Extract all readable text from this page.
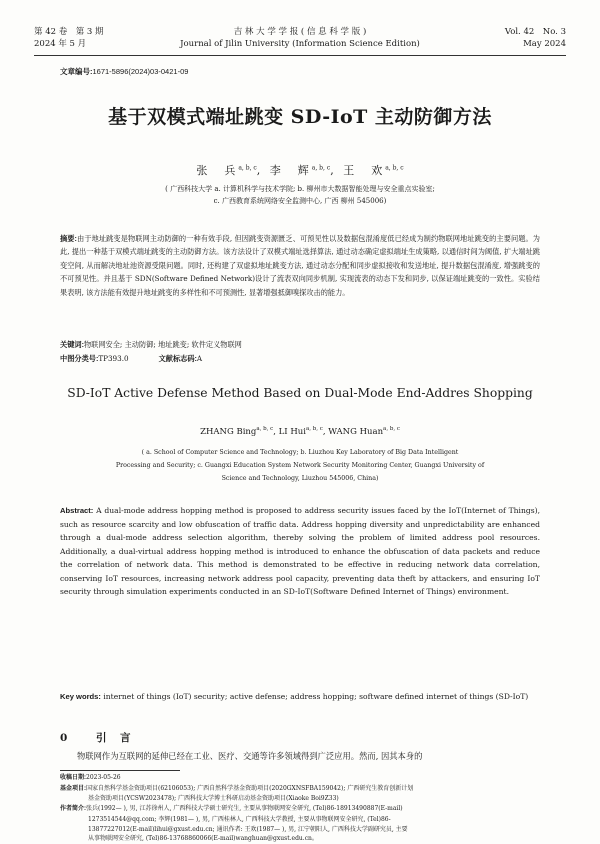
第 42 卷　第 3 期
2024 年 5 月
吉 林 大 学 学 报 ( 信 息 科 学 版 )
Journal of Jilin University (Information Science Edition)
Vol. 42　No. 3
May 2024
文章编号:1671-5896(2024)03-0421-09
基于双模式端址跳变 SD-IoT 主动防御方法
张　兵$^{a, b, c}$, 李　辉$^{a, b, c}$, 王　欢$^{a, b, c}$
( 广西科技大学 a. 计算机科学与技术学院; b. 柳州市大数据智能处理与安全重点实验室;
c. 广西教育系统网络安全监测中心, 广西 柳州 545006)
摘要:由于地址跳变是物联网主动防御的一种有效手段, 但因跳变资源匮乏、可预见性以及数据包混淆度低已经成为制约物联网地址跳变的主要问题。为此, 提出一种基于双模式端址跳变的主动防御方法。该方法设计了双模式端址选择算法, 通过动态确定虚拟端址生成策略, 以通信时间为阈值, 扩大端址跳变空间, 从而解决地址池资源受限问题。同时, 还构建了双虚拟地址跳变方法, 通过动态分配和同步虚拟接收和发送地址, 提升数据包混淆度, 增强跳变的不可预见性。并且基于 SDN(Software Defined Network)设计了流表双向同步机制, 实现流表的动态下发和同步, 以保证端址跳变的一致性。实验结果表明, 该方法能有效提升地址跳变的多样性和不可预测性, 显著增强抵御嗅探攻击的能力。
关键词:物联网安全; 主动防御; 地址跳变; 软件定义物联网
中图分类号:TP393.0	文献标志码:A
SD-IoT Active Defense Method Based on Dual-Mode End-Addres Shopping
ZHANG Bing$^{a, b, c}$, LI Hui$^{a, b, c}$, WANG Huan$^{a, b, c}$
( a. School of Computer Science and Technology; b. Liuzhou Key Laboratory of Big Data Intelligent
Processing and Security; c. Guangxi Education System Network Security Monitoring Center, Guangxi University of
Science and Technology, Liuzhou 545006, China)
Abstract: A dual-mode address hopping method is proposed to address security issues faced by the IoT(Internet of Things), such as resource scarcity and low obfuscation of traffic data. Address hopping diversity and unpredictability are enhanced through a dual-mode address selection algorithm, thereby solving the problem of limited address pool resources. Additionally, a dual-virtual address hopping method is introduced to enhance the obfuscation of data packets and reduce the correlation of network data. This method is demonstrated to be effective in reducing network data correlation, conserving IoT resources, increasing network address pool capacity, preventing data theft by attackers, and ensuring IoT security through simulation experiments conducted in an SD-IoT(Software Defined Internet of Things) environment.
Key words: internet of things (IoT) security; active defense; address hopping; software defined internet of things (SD-IoT)
0	引 言
物联网作为互联网的延伸已经在工业、医疗、交通等许多领域得到广泛应用。然而, 因其本身的
收稿日期:2023-05-26
基金项目:国家自然科学基金资助项目(62106053); 广西自然科学基金资助项目(2020GXNSFBA159042); 广西研究生教育创新计划
基金资助项目(YCSW2023478); 广西科技大学博士科研启动基金资助项目(Xiaoke Boi9Z33)
作者简介:张兵(1992— ), 男, 江苏徐州人, 广西科技大学硕士研究生, 主要从事物联网安全研究, (Tel)86-18913490887(E-mail)
1273514544@qq.com; 李辉(1981— ), 男, 广西桂林人, 广西科技大学教授, 主要从事物联网安全研究, (Tel)86-
13877227012(E-mail)lihui@gxust.edu.cn; 通讯作者: 王欢(1987— ), 男, 江宁朝阳人, 广西科技大学副研究员, 主要
从事物联网安全研究, (Tel)86-13768860066(E-mail)wanghuan@gxust.edu.cn。
